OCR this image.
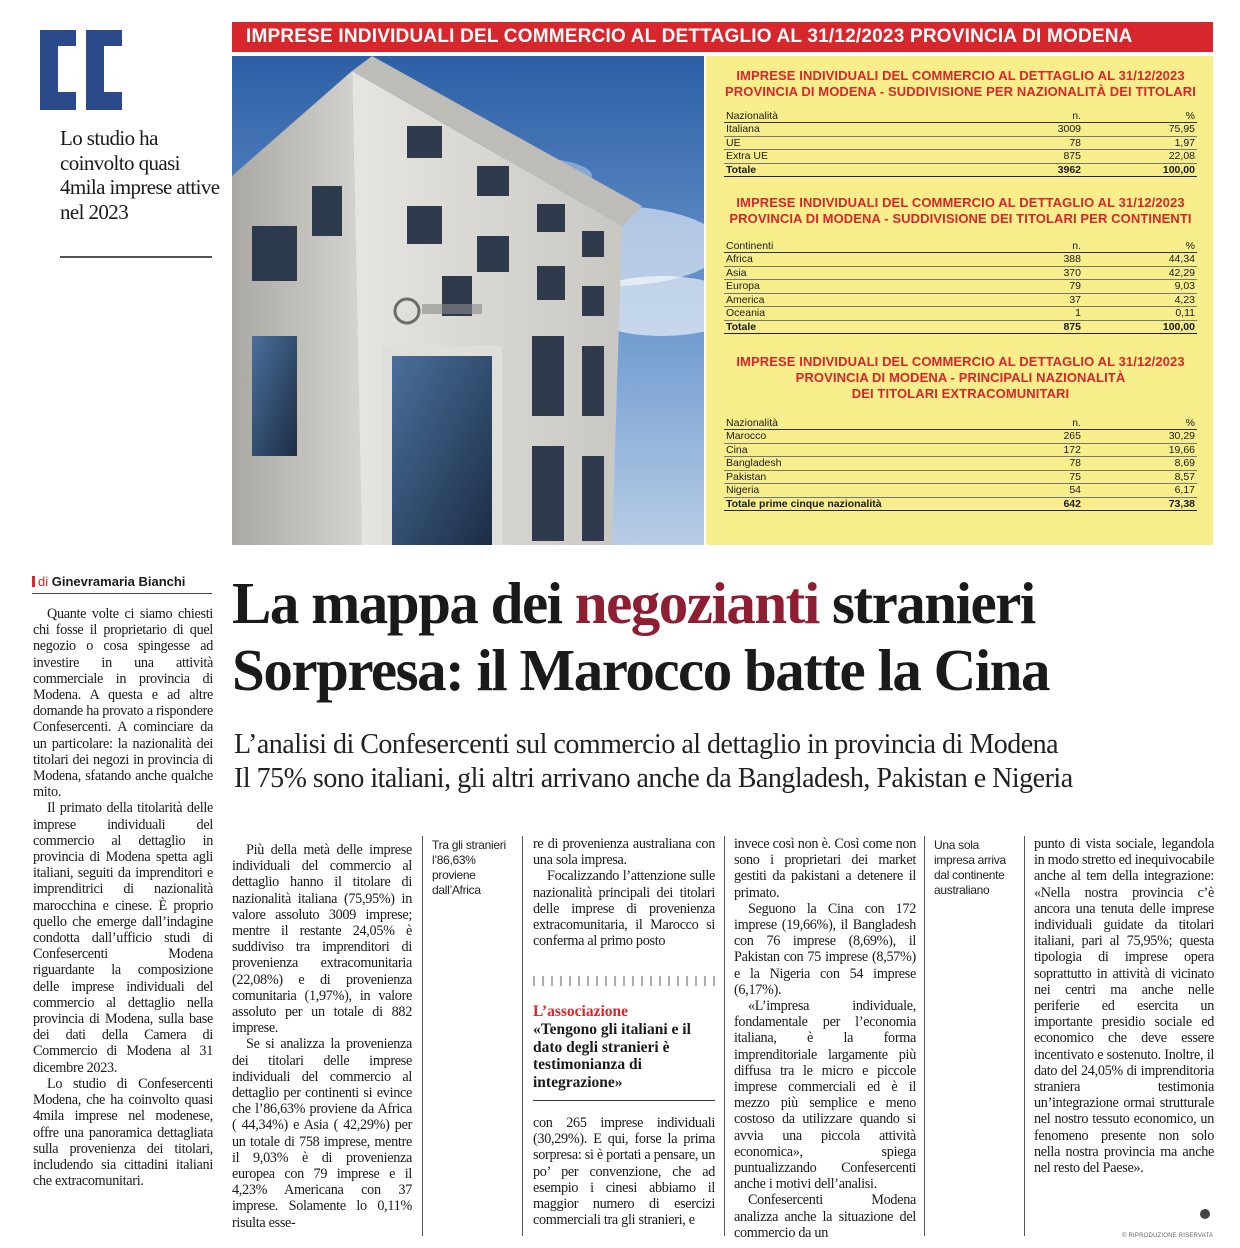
Lo studio ha coinvolto quasi 4mila imprese attive nel 2023
IMPRESE INDIVIDUALI DEL COMMERCIO AL DETTAGLIO AL 31/12/2023 PROVINCIA DI MODENA
IMPRESE INDIVIDUALI DEL COMMERCIO AL DETTAGLIO AL 31/12/2023
PROVINCIA DI MODENA - SUDDIVISIONE PER NAZIONALITÀ DEI TITOLARI
Nazionalità	n.	%
Italiana	3009	75,95
UE	78	1,97
Extra UE	875	22,08
Totale	3962	100,00
IMPRESE INDIVIDUALI DEL COMMERCIO AL DETTAGLIO AL 31/12/2023
PROVINCIA DI MODENA - SUDDIVISIONE DEI TITOLARI PER CONTINENTI
Continenti	n.	%
Africa	388	44,34
Asia	370	42,29
Europa	79	9,03
America	37	4,23
Oceania	1	0,11
Totale	875	100,00
IMPRESE INDIVIDUALI DEL COMMERCIO AL DETTAGLIO AL 31/12/2023
PROVINCIA DI MODENA - PRINCIPALI NAZIONALITÀ
DEI TITOLARI EXTRACOMUNITARI
Nazionalità	n.	%
Marocco	265	30,29
Cina	172	19,66
Bangladesh	78	8,69
Pakistan	75	8,57
Nigeria	54	6,17
Totale prime cinque nazionalità	642	73,38
di Ginevramaria Bianchi La mappa dei negozianti stranieri
Sorpresa: il Marocco batte la Cina
L’analisi di Confesercenti sul commercio al dettaglio in provincia di Modena
Il 75% sono italiani, gli altri arrivano anche da Bangladesh, Pakistan e Nigeria

Quante volte ci siamo chiesti chi fosse il proprietario di quel negozio o cosa spingesse ad investire in una attività commerciale in provincia di Modena. A questa e ad altre domande ha provato a rispondere Confesercenti. A cominciare da un particolare: la nazionalità dei titolari dei negozi in provincia di Modena, sfatando anche qualche mito.

Il primato della titolarità delle imprese individuali del commercio al dettaglio in provincia di Modena spetta agli italiani, seguiti da imprenditori e imprenditrici di nazionalità marocchina e cinese. È proprio quello che emerge dall’indagine condotta dall’ufficio studi di Confesercenti Modena riguardante la composizione delle imprese individuali del commercio al dettaglio nella provincia di Modena, sulla base dei dati della Camera di Commercio di Modena al 31 dicembre 2023.

Lo studio di Confesercenti Modena, che ha coinvolto quasi 4mila imprese nel modenese, offre una panoramica dettagliata sulla provenienza dei titolari, includendo sia cittadini italiani che extracomunitari.

Più della metà delle imprese individuali del commercio al dettaglio hanno il titolare di nazionalità italiana (75,95%) in valore assoluto 3009 imprese; mentre il restante 24,05% è suddiviso tra imprenditori di provenienza extracomunitaria (22,08%) e di provenienza comunitaria (1,97%), in valore assoluto per un totale di 882 imprese.

Se si analizza la provenienza dei titolari delle imprese individuali del commercio al dettaglio per continenti si evince che l’86,63% proviene da Africa ( 44,34%) e Asia ( 42,29%) per un totale di 758 imprese, mentre il 9,03% è di provenienza europea con 79 imprese e il 4,23% Americana con 37 imprese. Solamente lo 0,11% risulta esse-

Tra gli stranieri l’86,63% proviene dall’Africa

re di provenienza australiana con una sola impresa.

Focalizzando l’attenzione sulle nazionalità principali dei titolari delle imprese di provenienza extracomunitaria, il Marocco si conferma al primo posto

L’associazione
«Tengono gli italiani e il dato degli stranieri è testimonianza di integrazione»

con 265 imprese individuali (30,29%). E qui, forse la prima sorpresa: si è portati a pensare, un po’ per convenzione, che ad esempio i cinesi abbiamo il maggior numero di esercizi commerciali tra gli stranieri, e

invece così non è. Così come non sono i proprietari dei market gestiti da pakistani a detenere il primato.

Seguono la Cina con 172 imprese (19,66%), il Bangladesh con 76 imprese (8,69%), il Pakistan con 75 imprese (8,57%) e la Nigeria con 54 imprese (6,17%).

«L’impresa individuale, fondamentale per l’economia italiana, è la forma imprenditoriale largamente più diffusa tra le micro e piccole imprese commerciali ed è il mezzo più semplice e meno costoso da utilizzare quando si avvia una piccola attività economica», spiega puntualizzando Confesercenti anche i motivi dell’analisi.

Confesercenti Modena analizza anche la situazione del commercio da un

Una sola impresa arriva dal continente australiano

punto di vista sociale, legandola in modo stretto ed inequivocabile anche al tem della integrazione: «Nella nostra provincia c’è ancora una tenuta delle imprese individuali guidate da titolari italiani, pari al 75,95%; questa tipologia di imprese opera soprattutto in attività di vicinato nei centri ma anche nelle periferie ed esercita un importante presidio sociale ed economico che deve essere incentivato e sostenuto. Inoltre, il dato del 24,05% di imprenditoria straniera testimonia un’integrazione ormai strutturale nel nostro tessuto economico, un fenomeno presente non solo nella nostra provincia ma anche nel resto del Paese».

© RIPRODUZIONE RISERVATA
